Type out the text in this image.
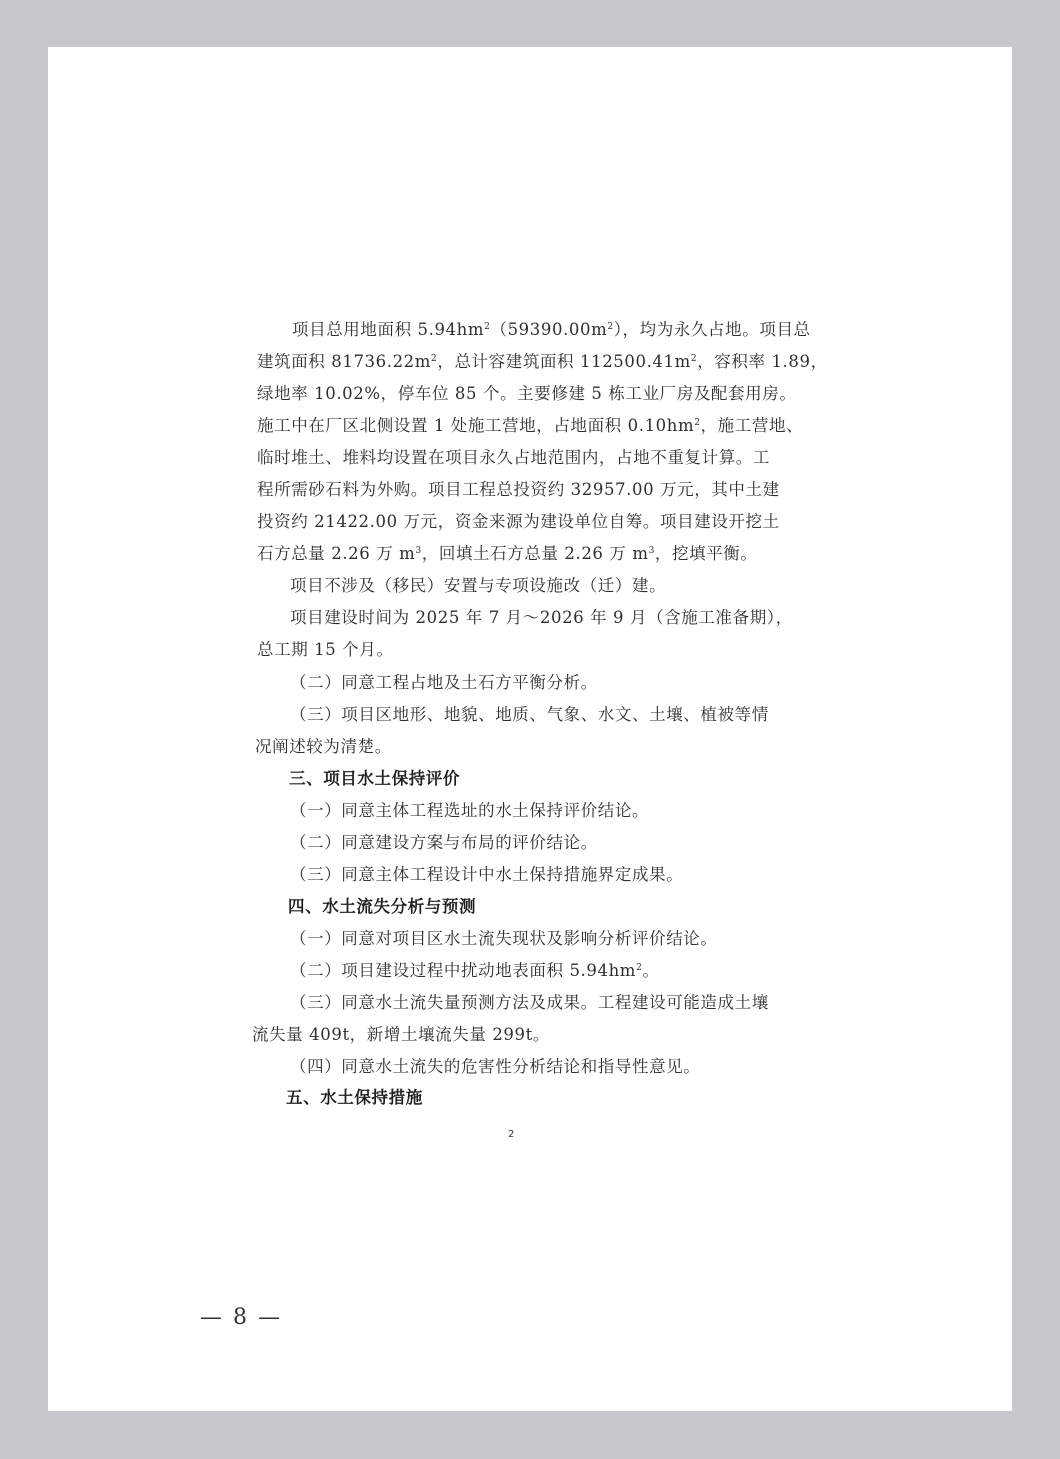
项目总用地面积 $5.94hm^2(59390.00m^2)$，均为永久占地。项目总
建筑面积 $81736.22m^2$，总计容建筑面积 $112500.41m^2$，容积率 1.89，
绿地率 10.02%，停车位 85 个。主要修建 5 栋工业厂房及配套用房。
施工中在厂区北侧设置 1 处施工营地，占地面积 $0.10hm^2$，施工营地、
临时堆土、堆料均设置在项目永久占地范围内，占地不重复计算。工
程所需砂石料为外购。项目工程总投资约 32957.00 万元，其中土建
投资约 21422.00 万元，资金来源为建设单位自筹。项目建设开挖土
石方总量 2.26 万 $m^3$，回填土石方总量 2.26 万 $m^3$，挖填平衡。
项目不涉及（移民）安置与专项设施改（迁）建。
项目建设时间为 2025 年 7 月～2026 年 9 月（含施工准备期），
总工期 15 个月。
（二）同意工程占地及土石方平衡分析。
（三）项目区地形、地貌、地质、气象、水文、土壤、植被等情
况阐述较为清楚。
三、项目水土保持评价
（一）同意主体工程选址的水土保持评价结论。
（二）同意建设方案与布局的评价结论。
（三）同意主体工程设计中水土保持措施界定成果。
四、水土流失分析与预测
（一）同意对项目区水土流失现状及影响分析评价结论。
（二）项目建设过程中扰动地表面积 $5.94hm^2$。
（三）同意水土流失量预测方法及成果。工程建设可能造成土壤
流失量 409t，新增土壤流失量 299t。
（四）同意水土流失的危害性分析结论和指导性意见。
五、水土保持措施
2
— 8 —
